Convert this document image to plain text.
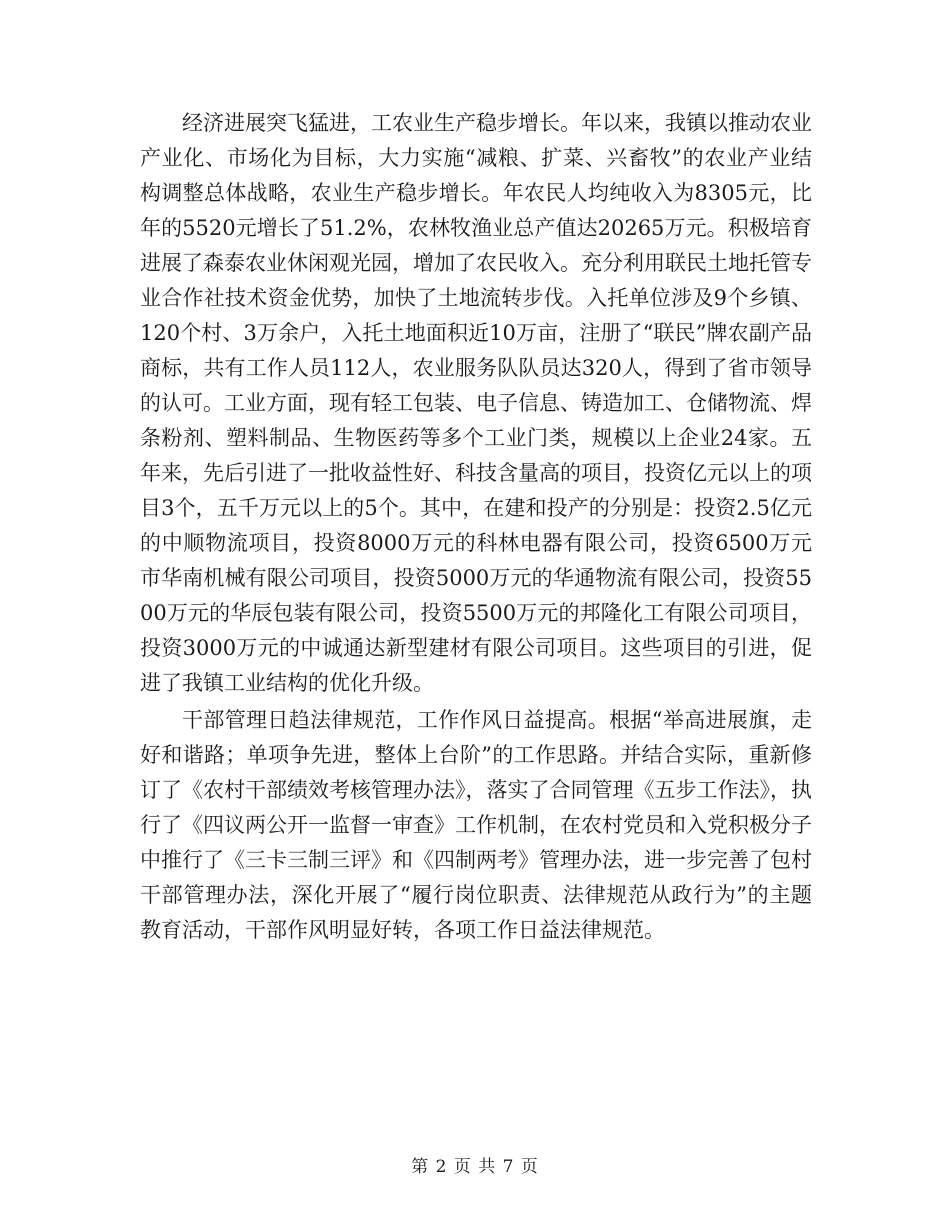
经济进展突飞猛进，工农业生产稳步增长。年以来，我镇以推动农业产业化、市场化为目标，大力实施“减粮、扩菜、兴畜牧”的农业产业结构调整总体战略，农业生产稳步增长。年农民人均纯收入为8305元，比年的5520元增长了51.2%，农林牧渔业总产值达20265万元。积极培育进展了森泰农业休闲观光园，增加了农民收入。充分利用联民土地托管专业合作社技术资金优势，加快了土地流转步伐。入托单位涉及9个乡镇、120个村、3万余户，入托土地面积近10万亩，注册了“联民”牌农副产品商标，共有工作人员112人，农业服务队队员达320人，得到了省市领导的认可。工业方面，现有轻工包装、电子信息、铸造加工、仓储物流、焊条粉剂、塑料制品、生物医药等多个工业门类，规模以上企业24家。五年来，先后引进了一批收益性好、科技含量高的项目，投资亿元以上的项目3个，五千万元以上的5个。其中，在建和投产的分别是：投资2.5亿元的中顺物流项目，投资8000万元的科林电器有限公司，投资6500万元市华南机械有限公司项目，投资5000万元的华通物流有限公司，投资5500万元的华辰包装有限公司，投资5500万元的邦隆化工有限公司项目，投资3000万元的中诚通达新型建材有限公司项目。这些项目的引进，促进了我镇工业结构的优化升级。

干部管理日趋法律规范，工作作风日益提高。根据“举高进展旗，走好和谐路；单项争先进，整体上台阶”的工作思路。并结合实际，重新修订了《农村干部绩效考核管理办法》，落实了合同管理《五步工作法》，执行了《四议两公开一监督一审查》工作机制，在农村党员和入党积极分子中推行了《三卡三制三评》和《四制两考》管理办法，进一步完善了包村干部管理办法，深化开展了“履行岗位职责、法律规范从政行为”的主题教育活动，干部作风明显好转，各项工作日益法律规范。

第 2 页 共 7 页
